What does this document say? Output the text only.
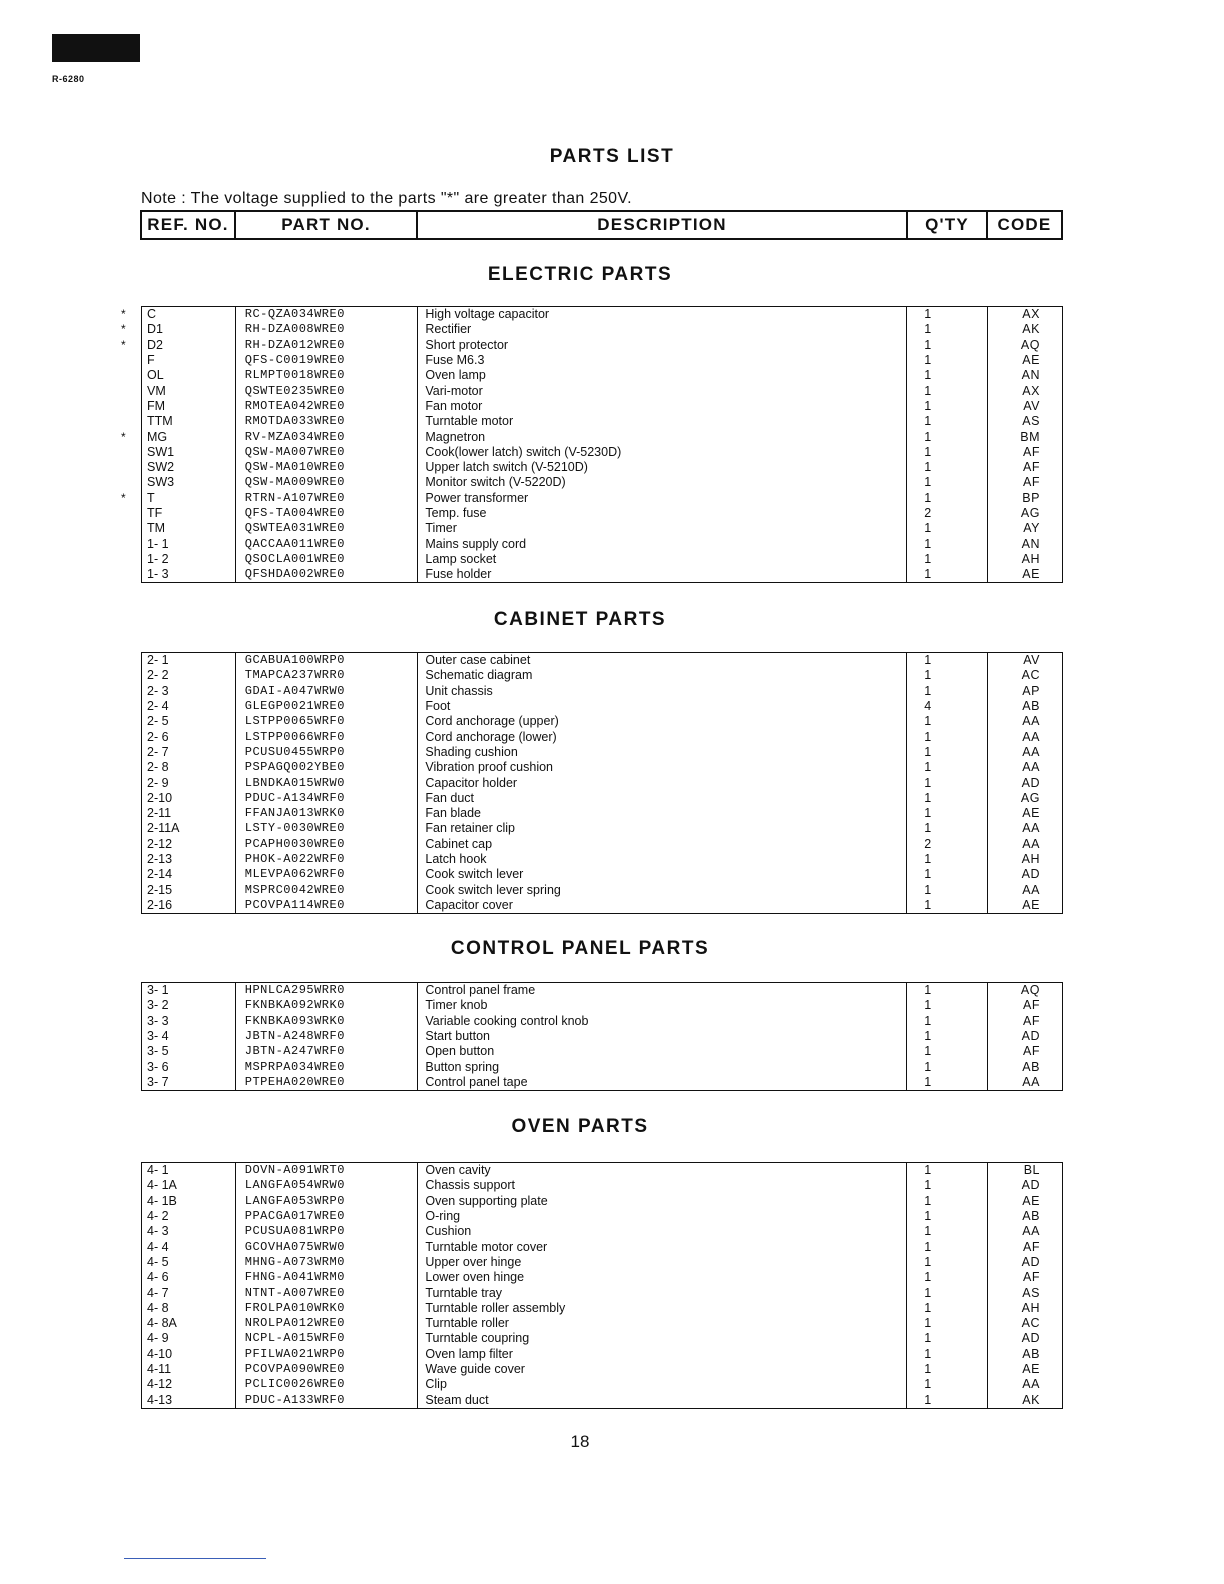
R-6280
PARTS LIST
Note : The voltage supplied to the parts "*" are greater than 250V.
REF. NO.	PART NO.	DESCRIPTION	Q'TY	CODE
ELECTRIC PARTS
*	C	RC-QZA034WRE0	High voltage capacitor	1	AX
*	D1	RH-DZA008WRE0	Rectifier	1	AK
*	D2	RH-DZA012WRE0	Short protector	1	AQ
F	QFS-C0019WRE0	Fuse M6.3	1	AE
OL	RLMPT0018WRE0	Oven lamp	1	AN
VM	QSWTE0235WRE0	Vari-motor	1	AX
FM	RMOTEA042WRE0	Fan motor	1	AV
TTM	RMOTDA033WRE0	Turntable motor	1	AS
*	MG	RV-MZA034WRE0	Magnetron	1	BM
SW1	QSW-MA007WRE0	Cook(lower latch) switch (V-5230D)	1	AF
SW2	QSW-MA010WRE0	Upper latch switch (V-5210D)	1	AF
SW3	QSW-MA009WRE0	Monitor switch (V-5220D)	1	AF
*	T	RTRN-A107WRE0	Power transformer	1	BP
TF	QFS-TA004WRE0	Temp. fuse	2	AG
TM	QSWTEA031WRE0	Timer	1	AY
1- 1	QACCAA011WRE0	Mains supply cord	1	AN
1- 2	QSOCLA001WRE0	Lamp socket	1	AH
1- 3	QFSHDA002WRE0	Fuse holder	1	AE
CABINET PARTS
2- 1	GCABUA100WRP0	Outer case cabinet	1	AV
2- 2	TMAPCA237WRR0	Schematic diagram	1	AC
2- 3	GDAI-A047WRW0	Unit chassis	1	AP
2- 4	GLEGP0021WRE0	Foot	4	AB
2- 5	LSTPP0065WRF0	Cord anchorage (upper)	1	AA
2- 6	LSTPP0066WRF0	Cord anchorage (lower)	1	AA
2- 7	PCUSU0455WRP0	Shading cushion	1	AA
2- 8	PSPAGQ002YBE0	Vibration proof cushion	1	AA
2- 9	LBNDKA015WRW0	Capacitor holder	1	AD
2-10	PDUC-A134WRF0	Fan duct	1	AG
2-11	FFANJA013WRK0	Fan blade	1	AE
2-11A	LSTY-0030WRE0	Fan retainer clip	1	AA
2-12	PCAPH0030WRE0	Cabinet cap	2	AA
2-13	PHOK-A022WRF0	Latch hook	1	AH
2-14	MLEVPA062WRF0	Cook switch lever	1	AD
2-15	MSPRC0042WRE0	Cook switch lever spring	1	AA
2-16	PCOVPA114WRE0	Capacitor cover	1	AE
CONTROL PANEL PARTS
3- 1	HPNLCA295WRR0	Control panel frame	1	AQ
3- 2	FKNBKA092WRK0	Timer knob	1	AF
3- 3	FKNBKA093WRK0	Variable cooking control knob	1	AF
3- 4	JBTN-A248WRF0	Start button	1	AD
3- 5	JBTN-A247WRF0	Open button	1	AF
3- 6	MSPRPA034WRE0	Button spring	1	AB
3- 7	PTPEHA020WRE0	Control panel tape	1	AA
OVEN PARTS
4- 1	DOVN-A091WRT0	Oven cavity	1	BL
4- 1A	LANGFA054WRW0	Chassis support	1	AD
4- 1B	LANGFA053WRP0	Oven supporting plate	1	AE
4- 2	PPACGA017WRE0	O-ring	1	AB
4- 3	PCUSUA081WRP0	Cushion	1	AA
4- 4	GCOVHA075WRW0	Turntable motor cover	1	AF
4- 5	MHNG-A073WRM0	Upper over hinge	1	AD
4- 6	FHNG-A041WRM0	Lower oven hinge	1	AF
4- 7	NTNT-A007WRE0	Turntable tray	1	AS
4- 8	FROLPA010WRK0	Turntable roller assembly	1	AH
4- 8A	NROLPA012WRE0	Turntable roller	1	AC
4- 9	NCPL-A015WRF0	Turntable coupring	1	AD
4-10	PFILWA021WRP0	Oven lamp filter	1	AB
4-11	PCOVPA090WRE0	Wave guide cover	1	AE
4-12	PCLIC0026WRE0	Clip	1	AA
4-13	PDUC-A133WRF0	Steam duct	1	AK
18
